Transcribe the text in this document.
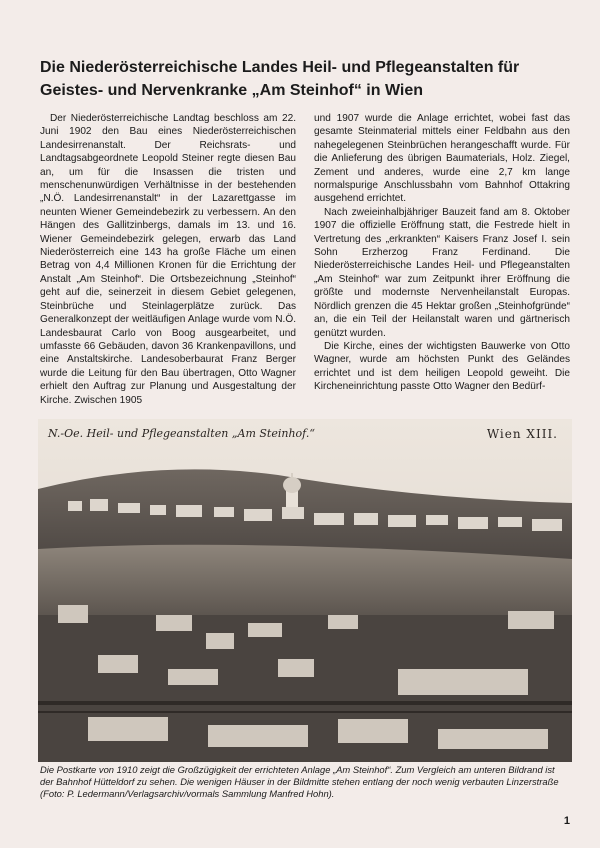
Die Niederösterreichische Landes Heil- und Pflegeanstalten für Geistes- und Nervenkranke „Am Steinhof“ in Wien

Der Niederösterreichische Landtag beschloss am 22. Juni 1902 den Bau eines Niederösterreichischen Landesirrenanstalt. Der Reichsrats- und Landtagsabgeordnete Leopold Steiner regte diesen Bau an, um für die Insassen die tristen und menschenunwürdigen Verhältnisse in der bestehenden „N.Ö. Landesirrenanstalt“ in der Lazarettgasse im neunten Wiener Gemeindebezirk zu verbessern. An den Hängen des Gallitzinbergs, damals im 13. und 16. Wiener Gemeindebezirk gelegen, erwarb das Land Niederösterreich eine 143 ha große Fläche um einen Betrag von 4,4 Millionen Kronen für die Errichtung der Anstalt „Am Steinhof“. Die Ortsbezeichnung „Steinhof“ geht auf die, seinerzeit in diesem Gebiet gelegenen, Steinbrüche und Steinlagerplätze zurück. Das Generalkonzept der weitläufigen Anlage wurde vom N.Ö. Landesbaurat Carlo von Boog ausgearbeitet, und umfasste 66 Gebäuden, davon 36 Krankenpavillons, und eine Anstaltskirche. Landesoberbaurat Franz Berger wurde die Leitung für den Bau übertragen, Otto Wagner erhielt den Auftrag zur Planung und Ausgestaltung der Kirche. Zwischen 1905

und 1907 wurde die Anlage errichtet, wobei fast das gesamte Steinmaterial mittels einer Feldbahn aus den nahegelegenen Steinbrüchen herangeschafft wurde. Für die Anlieferung des übrigen Baumaterials, Holz. Ziegel, Zement und anderes, wurde eine 2,7 km lange normalspurige Anschlussbahn vom Bahnhof Ottakring ausgehend errichtet.

Nach zweieinhalbjähriger Bauzeit fand am 8. Oktober 1907 die offizielle Eröffnung statt, die Festrede hielt in Vertretung des „erkrankten“ Kaisers Franz Josef I. sein Sohn Erzherzog Franz Ferdinand. Die Niederösterreichische Landes Heil- und Pflegeanstalten „Am Steinhof“ war zum Zeitpunkt ihrer Eröffnung die größte und modernste Nervenheilanstalt Europas. Nördlich grenzen die 45 Hektar großen „Steinhofgründe“ an, die ein Teil der Heilanstalt waren und gärtnerisch genützt wurden.

Die Kirche, eines der wichtigsten Bauwerke von Otto Wagner, wurde am höchsten Punkt des Geländes errichtet und ist dem heiligen Leopold geweiht. Die Kircheneinrichtung passte Otto Wagner den Bedürf-

N.-Oe. Heil- und Pflegeanstalten „Am Steinhof.“	Wien XIII.

Die Postkarte von 1910 zeigt die Großzügigkeit der errichteten Anlage „Am Steinhof“. Zum Vergleich am unteren Bildrand ist der Bahnhof Hütteldorf zu sehen. Die wenigen Häuser in der Bildmitte stehen entlang der noch wenig verbauten Linzerstraße (Foto: P. Ledermann/Verlagsarchiv/vormals Sammlung Manfred Hohn).

1
